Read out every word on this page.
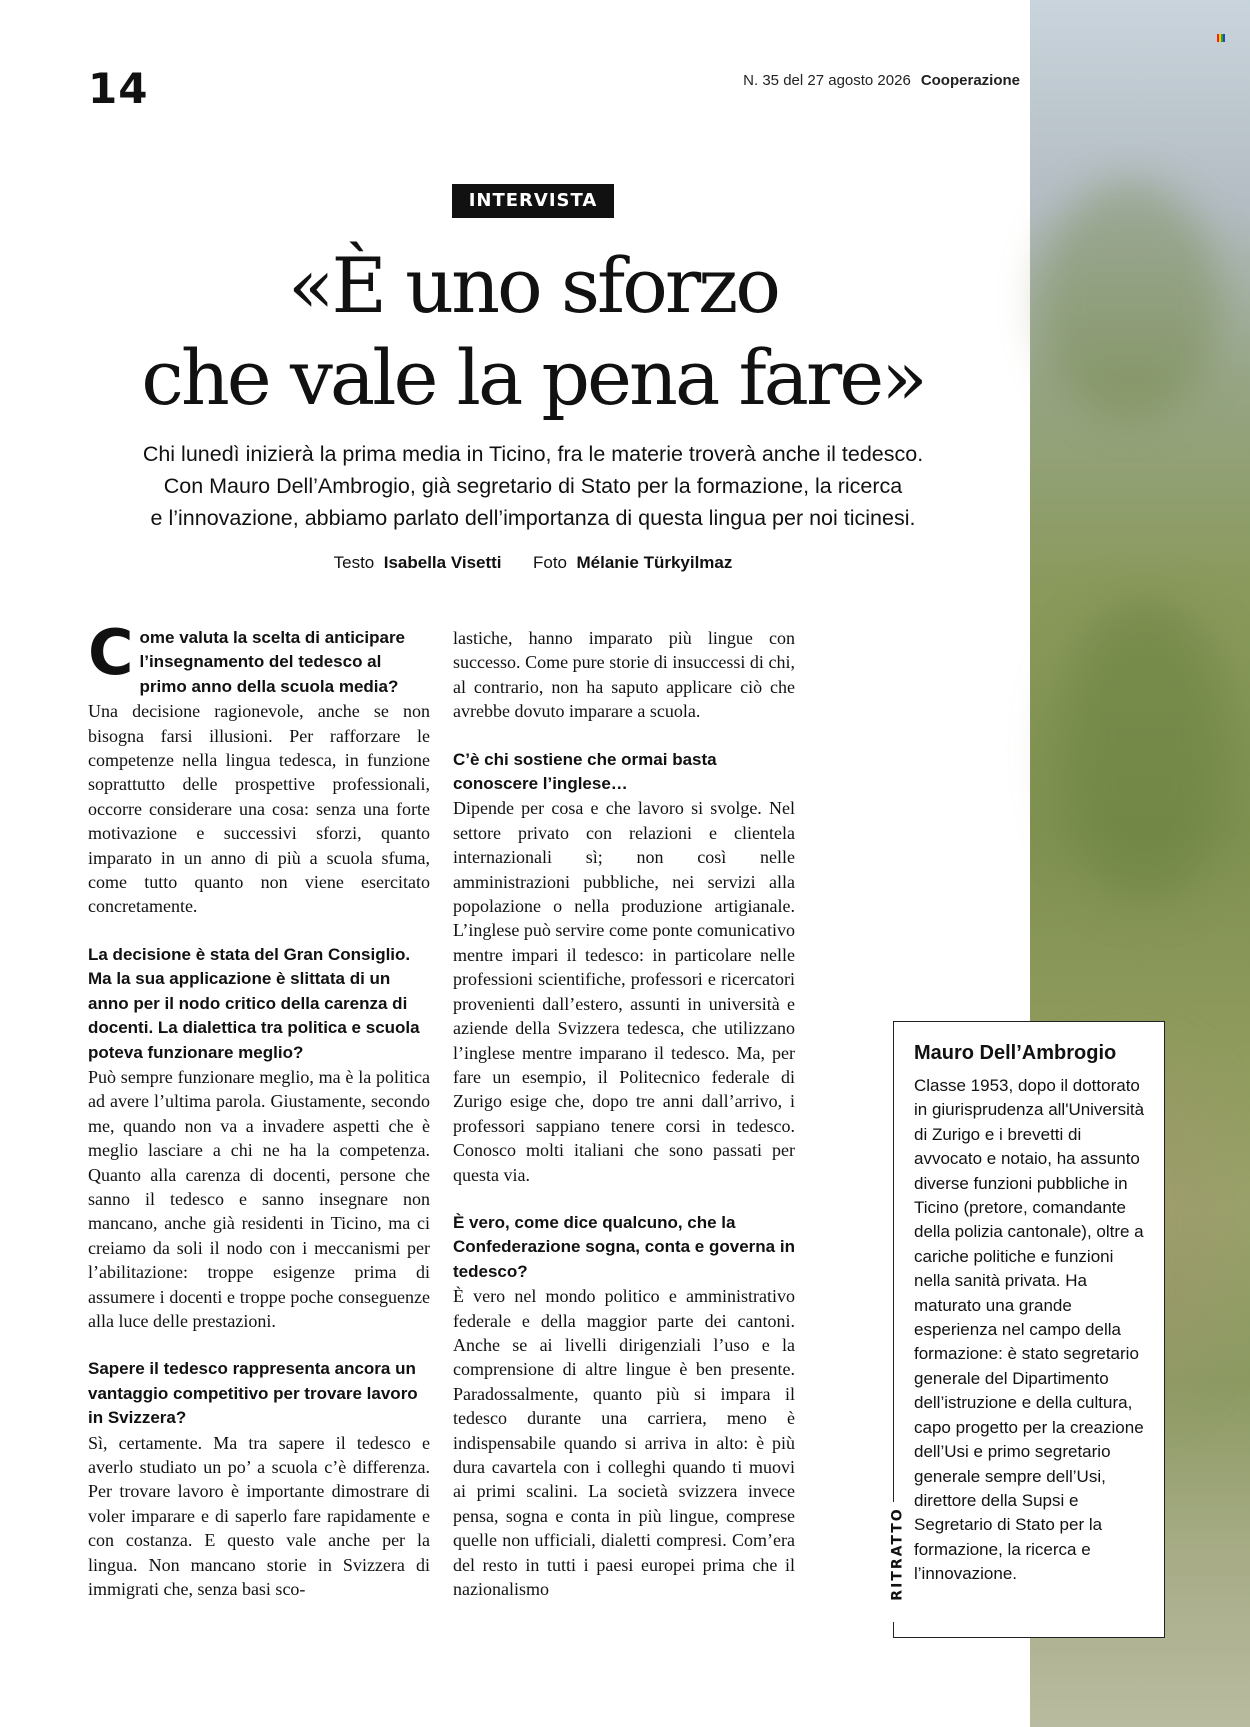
14	N. 35 del 27 agosto 2026 Cooperazione
INTERVISTA
«È uno sforzo
che vale la pena fare»
Chi lunedì inizierà la prima media in Ticino, fra le materie troverà anche il tedesco.
Con Mauro Dell’Ambrogio, già segretario di Stato per la formazione, la ricerca
e l’innovazione, abbiamo parlato dell’importanza di questa lingua per noi ticinesi.
Testo Isabella Visetti Foto Mélanie Türkyilmaz

Come valuta la scelta di anticipare l’insegnamento del tedesco al primo anno della scuola media?

Una decisione ragionevole, anche se non bisogna farsi illusioni. Per rafforzare le competenze nella lingua tedesca, in funzione soprattutto delle prospettive professionali, occorre considerare una cosa: senza una forte motivazione e successivi sforzi, quanto imparato in un anno di più a scuola sfuma, come tutto quanto non viene esercitato concretamente.

La decisione è stata del Gran Consiglio. Ma la sua applicazione è slittata di un anno per il nodo critico della carenza di docenti. La dialettica tra politica e scuola poteva funzionare meglio?

Può sempre funzionare meglio, ma è la politica ad avere l’ultima parola. Giustamente, secondo me, quando non va a invadere aspetti che è meglio lasciare a chi ne ha la competenza. Quanto alla carenza di docenti, persone che sanno il tedesco e sanno insegnare non mancano, anche già residenti in Ticino, ma ci creiamo da soli il nodo con i meccanismi per l’abilitazione: troppe esigenze prima di assumere i docenti e troppe poche conseguenze alla luce delle prestazioni.

Sapere il tedesco rappresenta ancora un vantaggio competitivo per trovare lavoro in Svizzera?

Sì, certamente. Ma tra sapere il tedesco e averlo studiato un po’ a scuola c’è differenza. Per trovare lavoro è importante dimostrare di voler imparare e di saperlo fare rapidamente e con costanza. E questo vale anche per la lingua. Non mancano storie in Svizzera di immigrati che, senza basi sco-

lastiche, hanno imparato più lingue con successo. Come pure storie di insuccessi di chi, al contrario, non ha saputo applicare ciò che avrebbe dovuto imparare a scuola.

C’è chi sostiene che ormai basta conoscere l’inglese…

Dipende per cosa e che lavoro si svolge. Nel settore privato con relazioni e clientela internazionali sì; non così nelle amministrazioni pubbliche, nei servizi alla popolazione o nella produzione artigianale. L’inglese può servire come ponte comunicativo mentre impari il tedesco: in particolare nelle professioni scientifiche, professori e ricercatori provenienti dall’estero, assunti in università e aziende della Svizzera tedesca, che utilizzano l’inglese mentre imparano il tedesco. Ma, per fare un esempio, il Politecnico federale di Zurigo esige che, dopo tre anni dall’arrivo, i professori sappiano tenere corsi in tedesco. Conosco molti italiani che sono passati per questa via.

È vero, come dice qualcuno, che la Confederazione sogna, conta e governa in tedesco?

È vero nel mondo politico e amministrativo federale e della maggior parte dei cantoni. Anche se ai livelli dirigenziali l’uso e la comprensione di altre lingue è ben presente. Paradossalmente, quanto più si impara il tedesco durante una carriera, meno è indispensabile quando si arriva in alto: è più dura cavartela con i colleghi quando ti muovi ai primi scalini. La società svizzera invece pensa, sogna e conta in più lingue, comprese quelle non ufficiali, dialetti compresi. Com’era del resto in tutti i paesi europei prima che il nazionalismo	RITRATTO
Mauro Dell’Ambrogio
Classe 1953, dopo il dottorato in giurisprudenza all'Università di Zurigo e i brevetti di avvocato e notaio, ha assunto diverse funzioni pubbliche in Ticino (pretore, comandante della polizia cantonale), oltre a cariche politiche e funzioni nella sanità privata. Ha maturato una grande esperienza nel campo della formazione: è stato segretario generale del Dipartimento dell’istruzione e della cultura, capo progetto per la creazione dell’Usi e primo segretario generale sempre dell’Usi, direttore della Supsi e Segretario di Stato per la formazione, la ricerca e l’innovazione.
